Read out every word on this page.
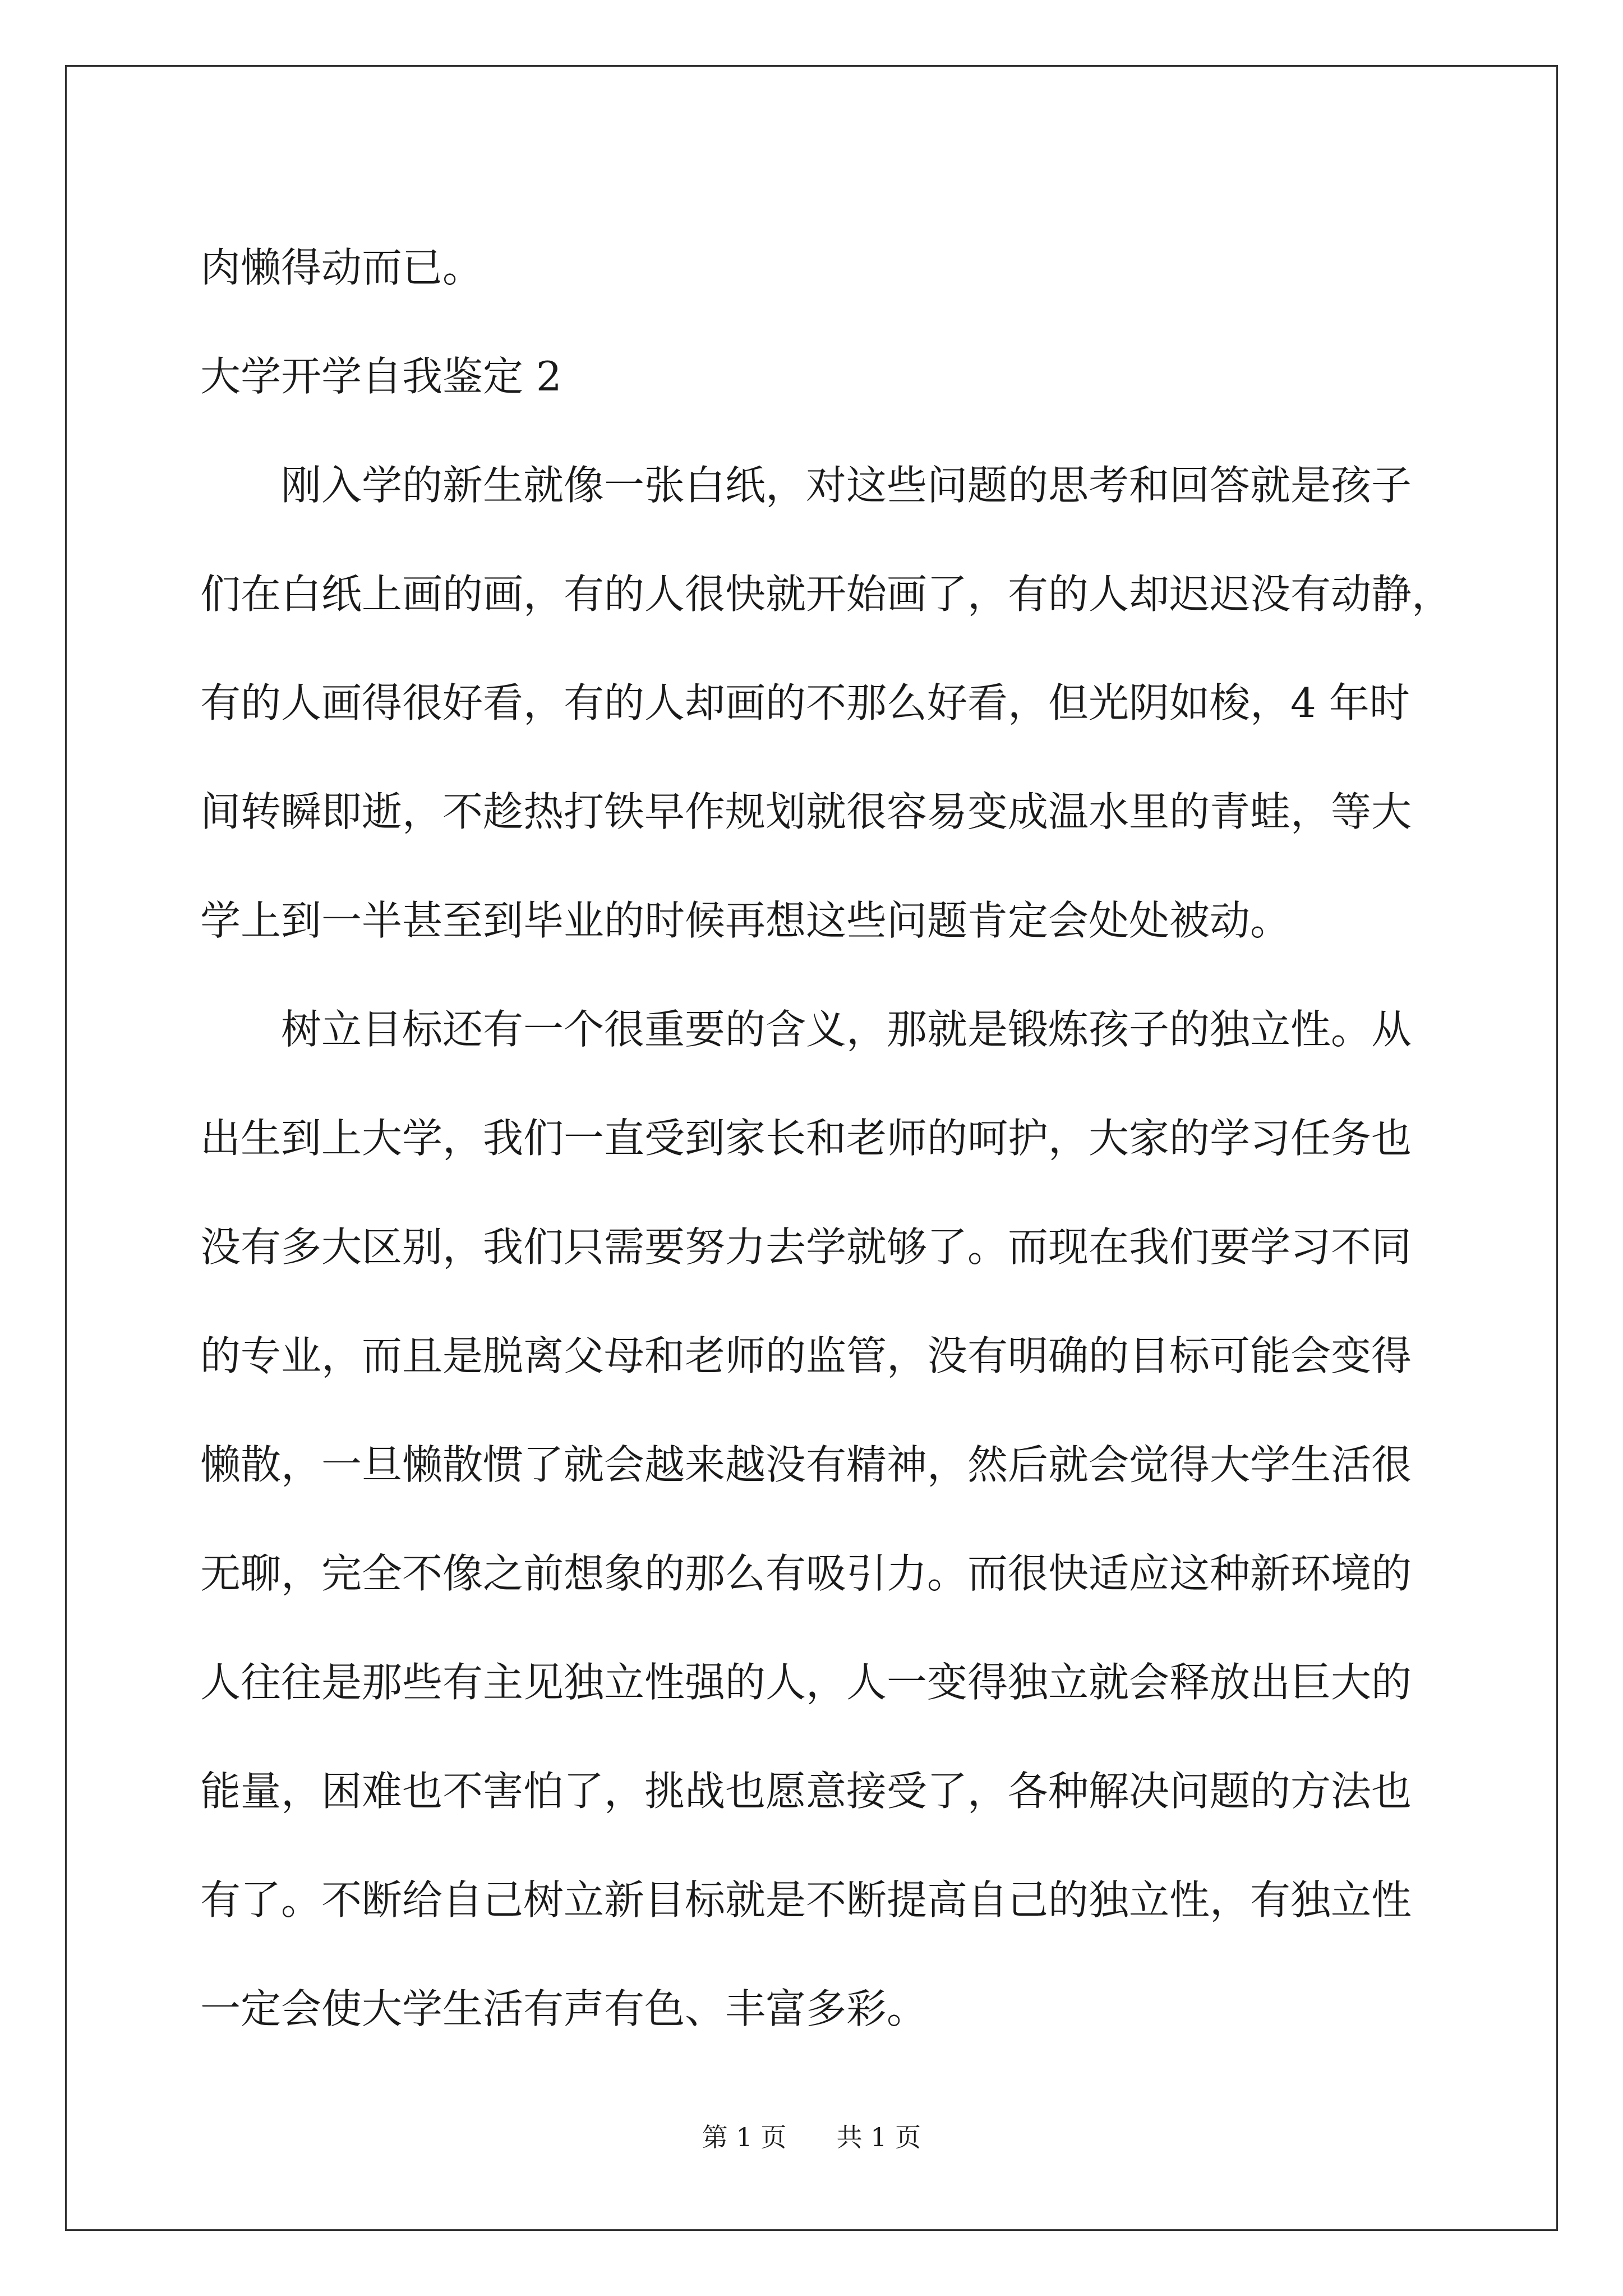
肉懒得动而已。
大学开学自我鉴定 2
刚入学的新生就像一张白纸，对这些问题的思考和回答就是孩子
们在白纸上画的画，有的人很快就开始画了，有的人却迟迟没有动静，
有的人画得很好看，有的人却画的不那么好看，但光阴如梭，4 年时
间转瞬即逝，不趁热打铁早作规划就很容易变成温水里的青蛙，等大
学上到一半甚至到毕业的时候再想这些问题肯定会处处被动。
树立目标还有一个很重要的含义，那就是锻炼孩子的独立性。从
出生到上大学，我们一直受到家长和老师的呵护，大家的学习任务也
没有多大区别，我们只需要努力去学就够了。而现在我们要学习不同
的专业，而且是脱离父母和老师的监管，没有明确的目标可能会变得
懒散，一旦懒散惯了就会越来越没有精神，然后就会觉得大学生活很
无聊，完全不像之前想象的那么有吸引力。而很快适应这种新环境的
人往往是那些有主见独立性强的人，人一变得独立就会释放出巨大的
能量，困难也不害怕了，挑战也愿意接受了，各种解决问题的方法也
有了。不断给自己树立新目标就是不断提高自己的独立性，有独立性
一定会使大学生活有声有色、丰富多彩。
第 1 页 共 1 页
